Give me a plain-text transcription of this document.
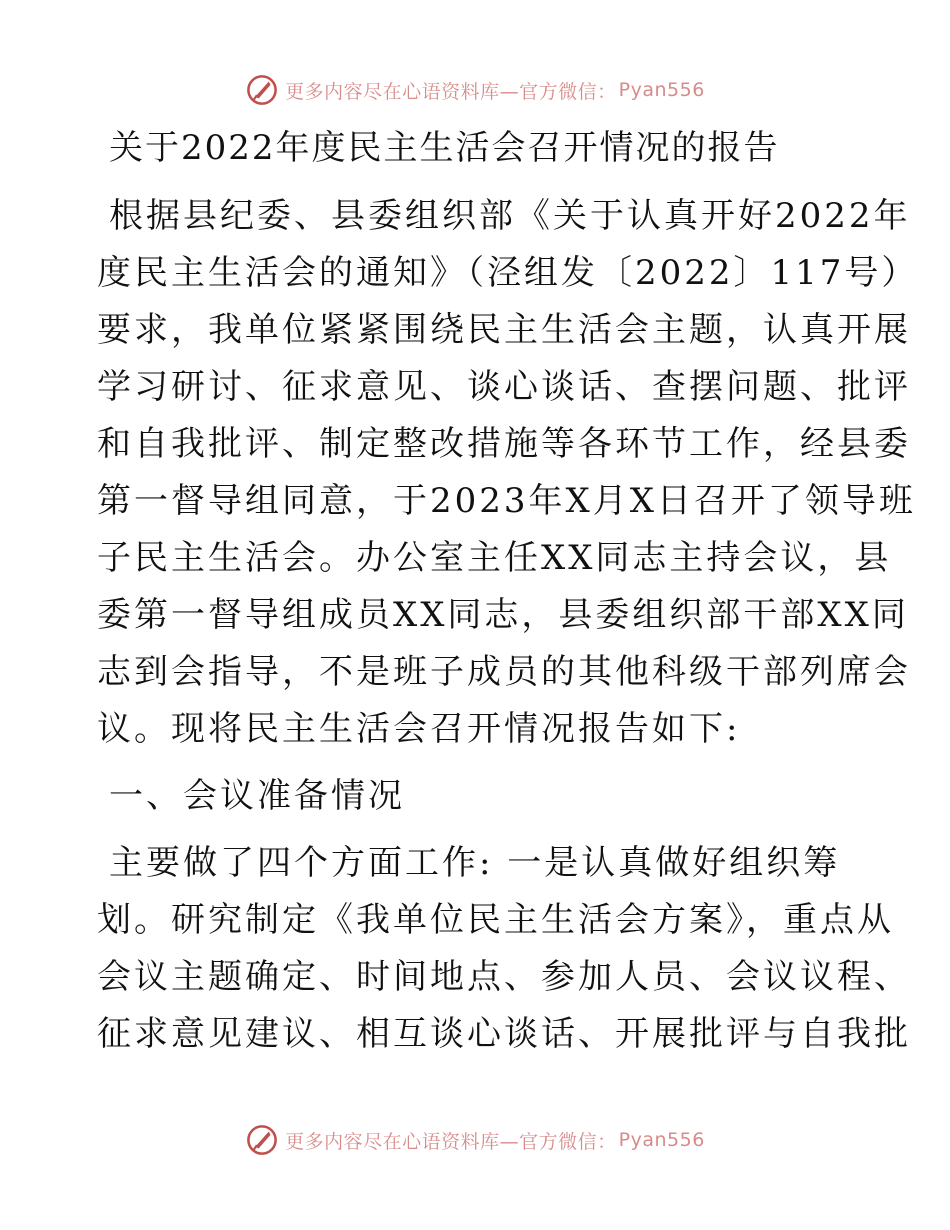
更多内容尽在心语资料库—官方微信： Pyan556
关于2022年度民主生活会召开情况的报告
根据县纪委、县委组织部《关于认真开好2022年
度民主生活会的通知》（泾组发〔2022〕117号）
要求，我单位紧紧围绕民主生活会主题，认真开展
学习研讨、征求意见、谈心谈话、查摆问题、批评
和自我批评、制定整改措施等各环节工作，经县委
第一督导组同意，于2023年X月X日召开了领导班
子民主生活会。办公室主任XX同志主持会议，县
委第一督导组成员XX同志，县委组织部干部XX同
志到会指导，不是班子成员的其他科级干部列席会
议。现将民主生活会召开情况报告如下:
一、会议准备情况
主要做了四个方面工作: 一是认真做好组织筹
划。研究制定《我单位民主生活会方案》，重点从
会议主题确定、时间地点、参加人员、会议议程、
征求意见建议、相互谈心谈话、开展批评与自我批
更多内容尽在心语资料库—官方微信： Pyan556
